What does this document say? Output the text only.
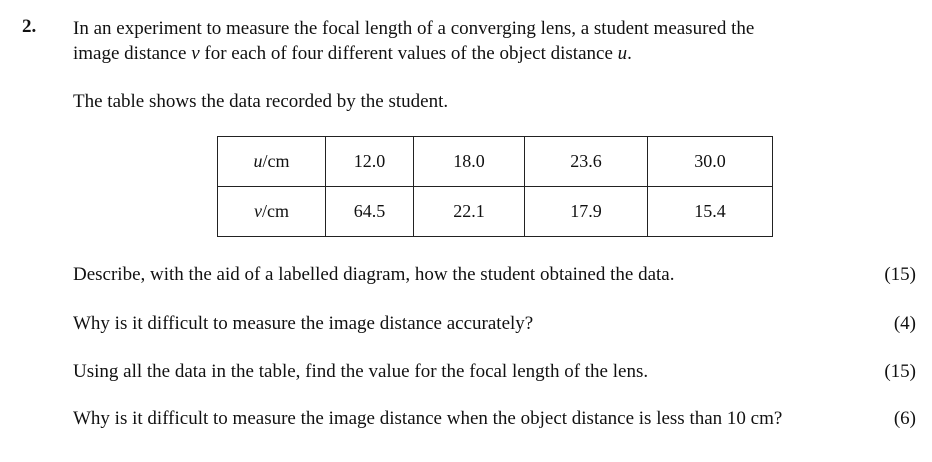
2. In an experiment to measure the focal length of a converging lens, a student measured the

image distance v for each of four different values of the object distance u.

The table shows the data recorded by the student.
u/cm	12.0	18.0	23.6	30.0
v/cm	64.5	22.1	17.9	15.4
Describe, with the aid of a labelled diagram, how the student obtained the data.	(15)
Why is it difficult to measure the image distance accurately?	(4)
Using all the data in the table, find the value for the focal length of the lens.	(15)
Why is it difficult to measure the image distance when the object distance is less than 10 cm?	(6)
